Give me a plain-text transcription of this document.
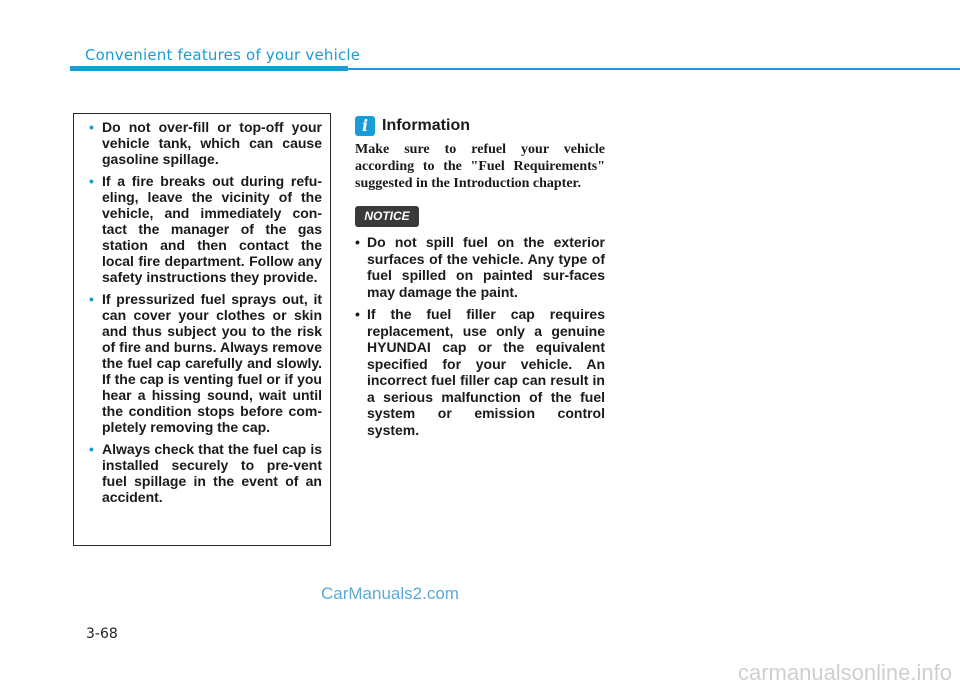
Convenient features of your vehicle
• Do not over-fill or top-off your vehicle tank, which can cause gasoline spillage.
• If a fire breaks out during refu-eling, leave the vicinity of the vehicle, and immediately con-tact the manager of the gas station and then contact the local fire department. Follow any safety instructions they provide.
• If pressurized fuel sprays out, it can cover your clothes or skin and thus subject you to the risk of fire and burns. Always remove the fuel cap carefully and slowly. If the cap is venting fuel or if you hear a hissing sound, wait until the condition stops before com-pletely removing the cap.
• Always check that the fuel cap is installed securely to pre-vent fuel spillage in the event of an accident.
i Information

Make sure to refuel your vehicle according to the "Fuel Requirements" suggested in the Introduction chapter.

NOTICE
• Do not spill fuel on the exterior surfaces of the vehicle. Any type of fuel spilled on painted sur-faces may damage the paint.
• If the fuel filler cap requires replacement, use only a genuine HYUNDAI cap or the equivalent specified for your vehicle. An incorrect fuel filler cap can result in a serious malfunction of the fuel system or emission control system.
CarManuals2.com
3-68
carmanualsonline.info
